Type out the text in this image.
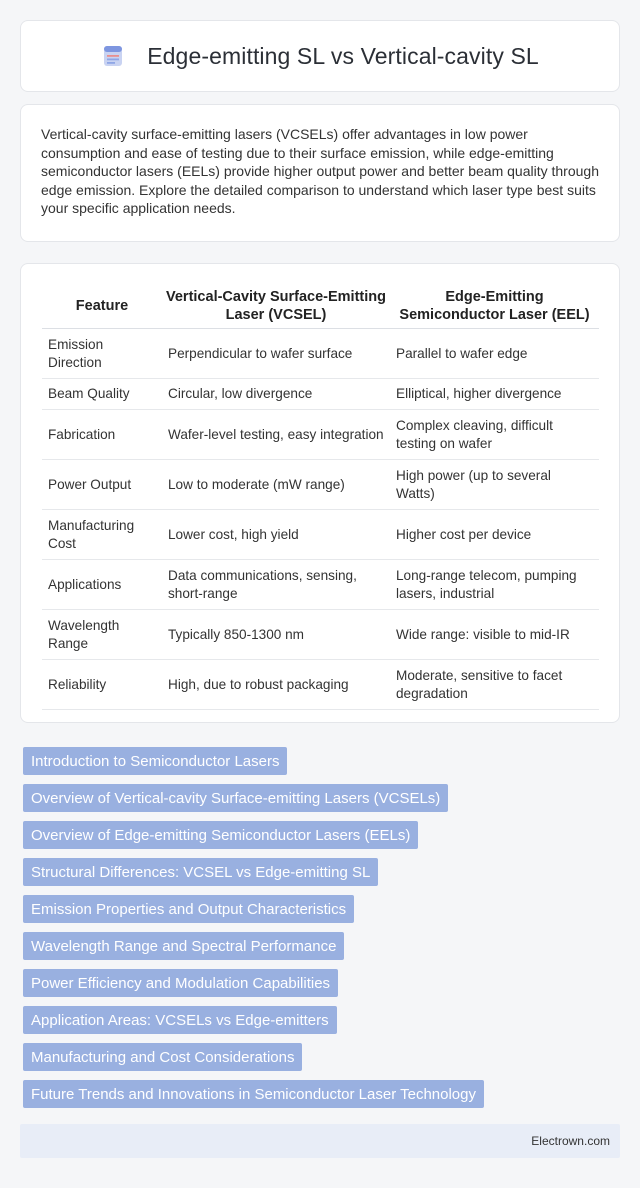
Edge-emitting SL vs Vertical-cavity SL

Vertical-cavity surface-emitting lasers (VCSELs) offer advantages in low power consumption and ease of testing due to their surface emission, while edge-emitting semiconductor lasers (EELs) provide higher output power and better beam quality through edge emission. Explore the detailed comparison to understand which laser type best suits your specific application needs.

Feature	Vertical-Cavity Surface-Emitting Laser (VCSEL)	Edge-Emitting Semiconductor Laser (EEL)
Emission Direction	Perpendicular to wafer surface	Parallel to wafer edge
Beam Quality	Circular, low divergence	Elliptical, higher divergence
Fabrication	Wafer-level testing, easy integration	Complex cleaving, difficult testing on wafer
Power Output	Low to moderate (mW range)	High power (up to several Watts)
Manufacturing Cost	Lower cost, high yield	Higher cost per device
Applications	Data communications, sensing, short-range	Long-range telecom, pumping lasers, industrial
Wavelength Range	Typically 850-1300 nm	Wide range: visible to mid-IR
Reliability	High, due to robust packaging	Moderate, sensitive to facet degradation
Introduction to Semiconductor Lasers
Overview of Vertical-cavity Surface-emitting Lasers (VCSELs)
Overview of Edge-emitting Semiconductor Lasers (EELs)
Structural Differences: VCSEL vs Edge-emitting SL
Emission Properties and Output Characteristics
Wavelength Range and Spectral Performance
Power Efficiency and Modulation Capabilities
Application Areas: VCSELs vs Edge-emitters
Manufacturing and Cost Considerations
Future Trends and Innovations in Semiconductor Laser Technology
Electrown.com
